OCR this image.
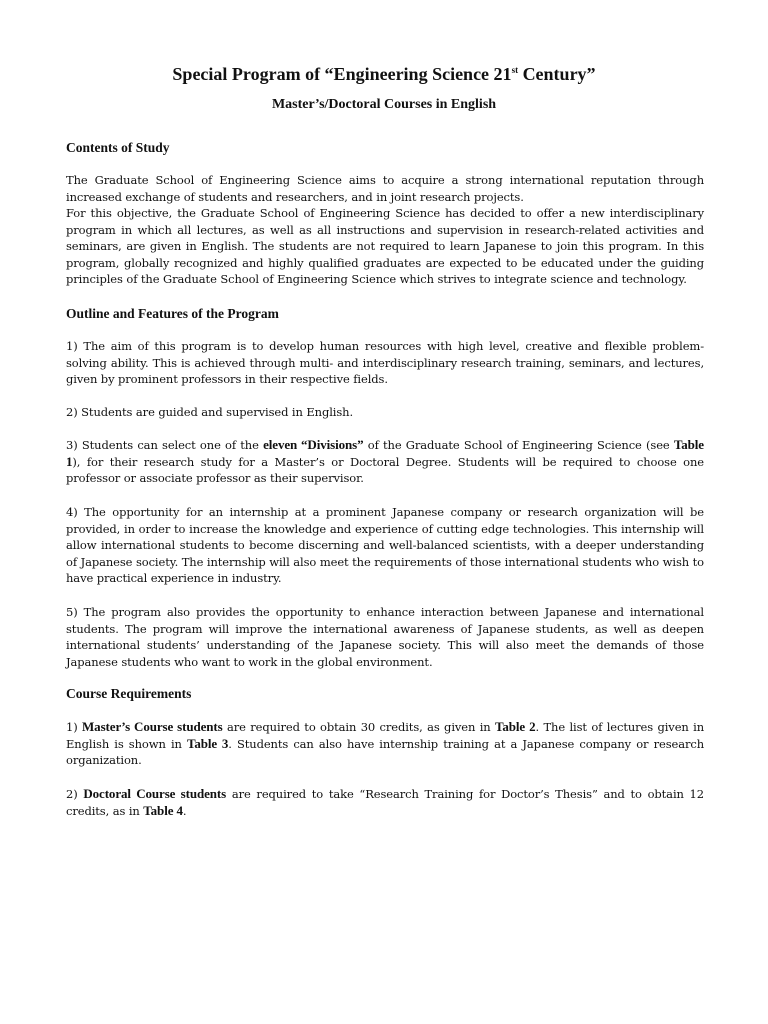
Special Program of “Engineering Science 21st Century”
Master’s/Doctoral Courses in English
Contents of Study

The Graduate School of Engineering Science aims to acquire a strong international reputation through increased exchange of students and researchers, and in joint research projects.

For this objective, the Graduate School of Engineering Science has decided to offer a new interdisciplinary program in which all lectures, as well as all instructions and supervision in research-related activities and seminars, are given in English. The students are not required to learn Japanese to join this program. In this program, globally recognized and highly qualified graduates are expected to be educated under the guiding principles of the Graduate School of Engineering Science which strives to integrate science and technology.

Outline and Features of the Program

1) The aim of this program is to develop human resources with high level, creative and flexible problem-solving ability. This is achieved through multi- and interdisciplinary research training, seminars, and lectures, given by prominent professors in their respective fields.

2) Students are guided and supervised in English.

3) Students can select one of the eleven “Divisions” of the Graduate School of Engineering Science (see Table 1), for their research study for a Master’s or Doctoral Degree. Students will be required to choose one professor or associate professor as their supervisor.

4) The opportunity for an internship at a prominent Japanese company or research organization will be provided, in order to increase the knowledge and experience of cutting edge technologies. This internship will allow international students to become discerning and well-balanced scientists, with a deeper understanding of Japanese society. The internship will also meet the requirements of those international students who wish to have practical experience in industry.

5) The program also provides the opportunity to enhance interaction between Japanese and international students. The program will improve the international awareness of Japanese students, as well as deepen international students’ understanding of the Japanese society. This will also meet the demands of those Japanese students who want to work in the global environment.

Course Requirements

1) Master’s Course students are required to obtain 30 credits, as given in Table 2. The list of lectures given in English is shown in Table 3. Students can also have internship training at a Japanese company or research organization.

2) Doctoral Course students are required to take “Research Training for Doctor’s Thesis” and to obtain 12 credits, as in Table 4.
